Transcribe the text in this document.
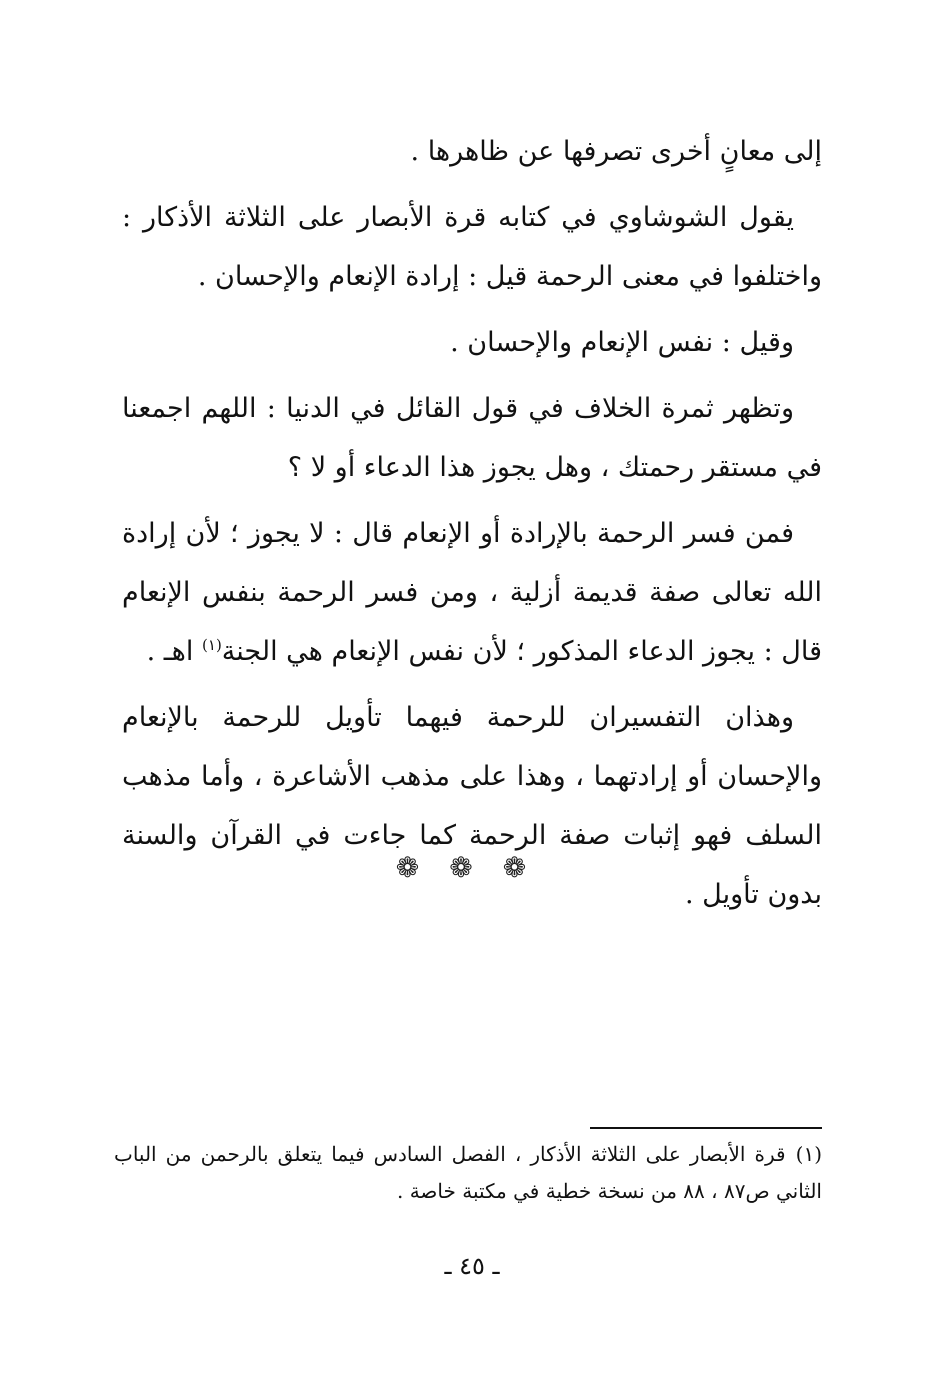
إلى معانٍ أخرى تصرفها عن ظاهرها .

يقول الشوشاوي في كتابه قرة الأبصار على الثلاثة الأذكار : واختلفوا في معنى الرحمة قيل : إرادة الإنعام والإحسان .

وقيل : نفس الإنعام والإحسان .

وتظهر ثمرة الخلاف في قول القائل في الدنيا : اللهم اجمعنا في مستقر رحمتك ، وهل يجوز هذا الدعاء أو لا ؟

فمن فسر الرحمة بالإرادة أو الإنعام قال : لا يجوز ؛ لأن إرادة الله تعالى صفة قديمة أزلية ، ومن فسر الرحمة بنفس الإنعام قال : يجوز الدعاء المذكور ؛ لأن نفس الإنعام هي الجنة$^{(١)}$ اهـ .

وهذان التفسيران للرحمة فيهما تأويل للرحمة بالإنعام والإحسان أو إرادتهما ، وهذا على مذهب الأشاعرة ، وأما مذهب السلف فهو إثبات صفة الرحمة كما جاءت في القرآن والسنة بدون تأويل .

❁ ❁ ❁
(١)قرة الأبصار على الثلاثة الأذكار ، الفصل السادس فيما يتعلق بالرحمن من الباب الثاني ص٨٧ ، ٨٨ من نسخة خطية في مكتبة خاصة .
ـ ٤٥ ـ
